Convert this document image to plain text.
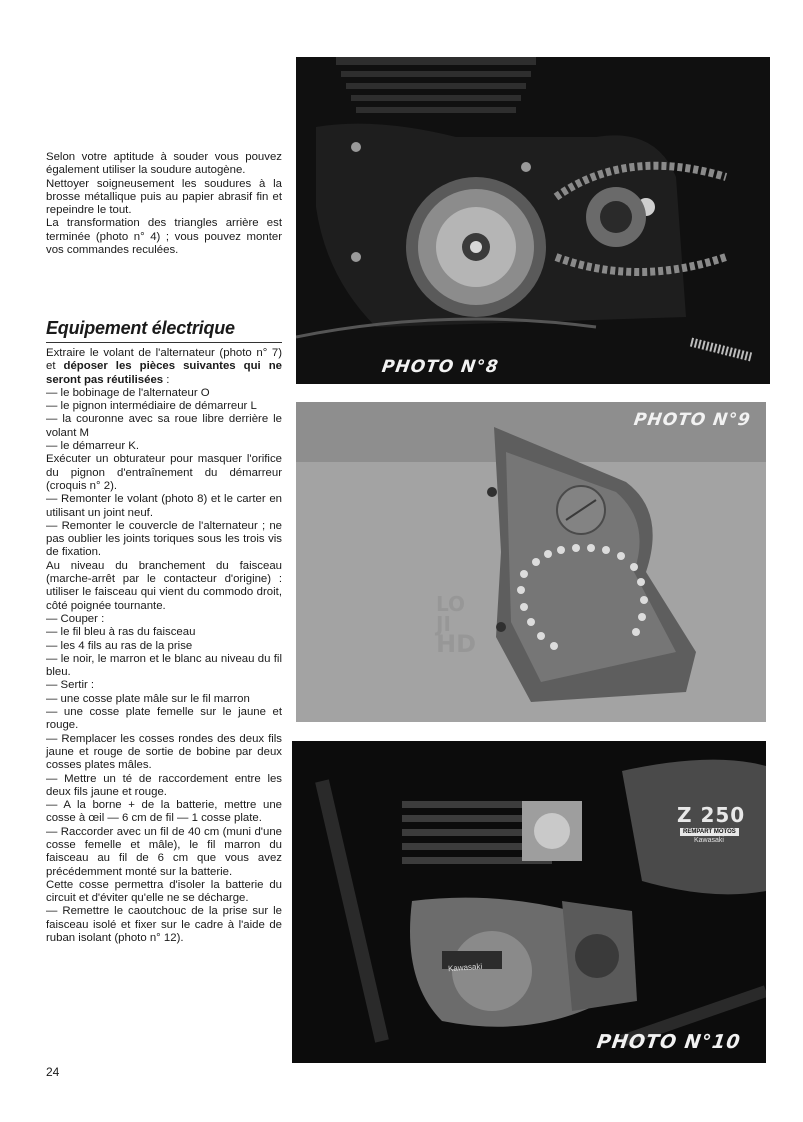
Selon votre aptitude à souder vous pouvez également utiliser la soudure autogène.

Nettoyer soigneusement les soudures à la brosse métallique puis au papier abrasif fin et repeindre le tout.

La transformation des triangles arrière est terminée (photo n° 4) ; vous pouvez monter vos commandes reculées.

Equipement électrique

Extraire le volant de l'alternateur (photo n° 7) et déposer les pièces suivantes qui ne seront pas réutilisées :

— le bobinage de l'alternateur O

— le pignon intermédiaire de démarreur L

— la couronne avec sa roue libre derrière le volant M

— le démarreur K.

Exécuter un obturateur pour masquer l'orifice du pignon d'entraînement du démarreur (croquis n° 2).

— Remonter le volant (photo 8) et le carter en utilisant un joint neuf.

— Remonter le couvercle de l'alternateur ; ne pas oublier les joints toriques sous les trois vis de fixation.

Au niveau du branchement du faisceau (marche-arrêt par le contacteur d'origine) : utiliser le faisceau qui vient du commodo droit, côté poignée tournante.

— Couper :

— le fil bleu à ras du faisceau

— les 4 fils au ras de la prise

— le noir, le marron et le blanc au niveau du fil bleu.

— Sertir :

— une cosse plate mâle sur le fil marron

— une cosse plate femelle sur le jaune et rouge.

— Remplacer les cosses rondes des deux fils jaune et rouge de sortie de bobine par deux cosses plates mâles.

— Mettre un té de raccordement entre les deux fils jaune et rouge.

— A la borne + de la batterie, mettre une cosse à œil — 6 cm de fil — 1 cosse plate.

— Raccorder avec un fil de 40 cm (muni d'une cosse femelle et mâle), le fil marron du faisceau au fil de 6 cm que vous avez précédemment monté sur la batterie.

Cette cosse permettra d'isoler la batterie du circuit et d'éviter qu'elle ne se décharge.

— Remettre le caoutchouc de la prise sur le faisceau isolé et fixer sur le cadre à l'aide de ruban isolant (photo n° 12).

24
PHOTO N°8
PHOTO N°9
LO
JI
HD
Z 250
REMPART MOTOS
Kawasaki
Kawasaki
PHOTO N°10
